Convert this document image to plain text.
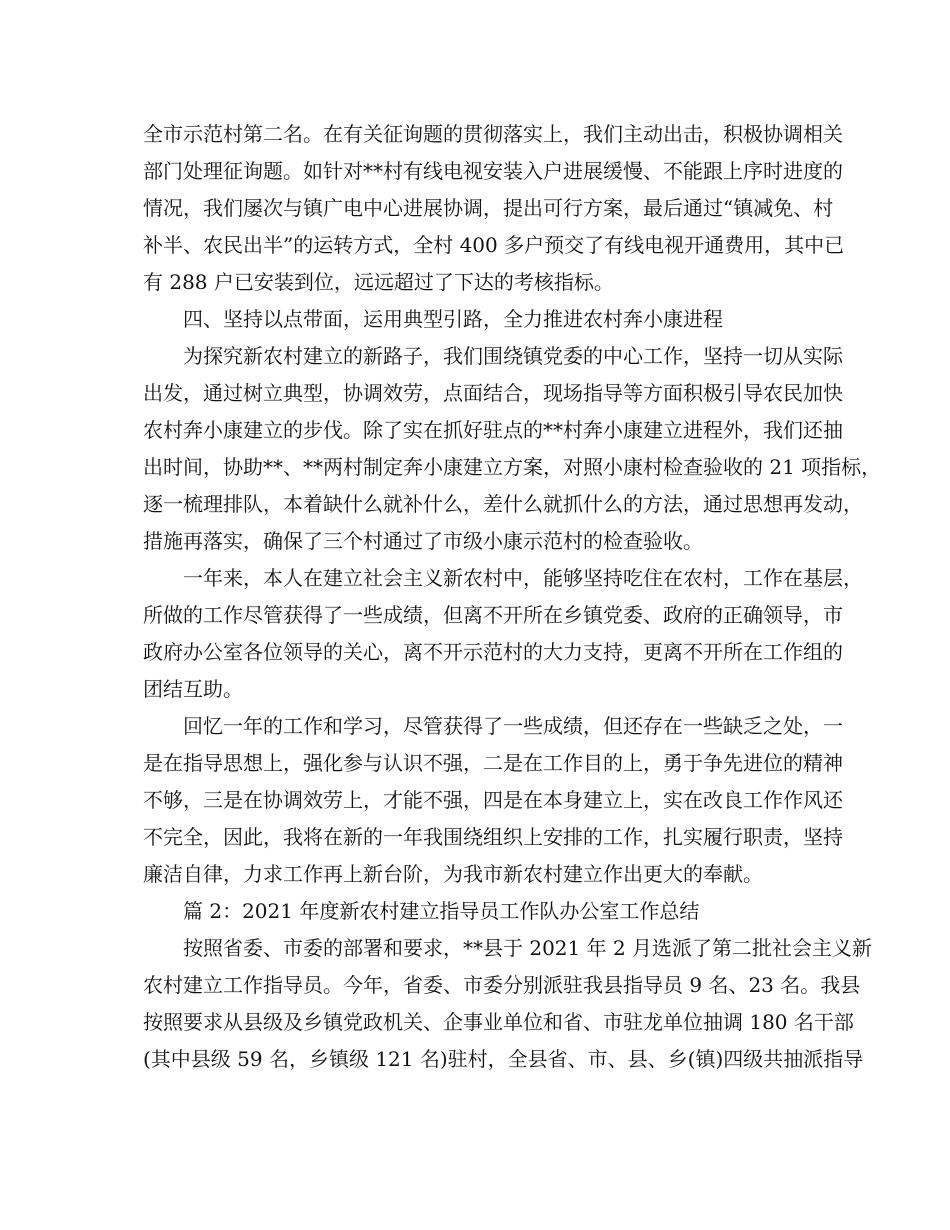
全市示范村第二名。在有关征询题的贯彻落实上，我们主动出击，积极协调相关
部门处理征询题。如针对**村有线电视安装入户进展缓慢、不能跟上序时进度的
情况，我们屡次与镇广电中心进展协调，提出可行方案，最后通过“镇减免、村
补半、农民出半”的运转方式，全村 400 多户预交了有线电视开通费用，其中已
有 288 户已安装到位，远远超过了下达的考核指标。
四、坚持以点带面，运用典型引路，全力推进农村奔小康进程
为探究新农村建立的新路子，我们围绕镇党委的中心工作，坚持一切从实际
出发，通过树立典型，协调效劳，点面结合，现场指导等方面积极引导农民加快
农村奔小康建立的步伐。除了实在抓好驻点的**村奔小康建立进程外，我们还抽
出时间，协助**、**两村制定奔小康建立方案，对照小康村检查验收的 21 项指标，
逐一梳理排队，本着缺什么就补什么，差什么就抓什么的方法，通过思想再发动，
措施再落实，确保了三个村通过了市级小康示范村的检查验收。
一年来，本人在建立社会主义新农村中，能够坚持吃住在农村，工作在基层，
所做的工作尽管获得了一些成绩，但离不开所在乡镇党委、政府的正确领导，市
政府办公室各位领导的关心，离不开示范村的大力支持，更离不开所在工作组的
团结互助。
回忆一年的工作和学习，尽管获得了一些成绩，但还存在一些缺乏之处，一
是在指导思想上，强化参与认识不强，二是在工作目的上，勇于争先进位的精神
不够，三是在协调效劳上，才能不强，四是在本身建立上，实在改良工作作风还
不完全，因此，我将在新的一年我围绕组织上安排的工作，扎实履行职责，坚持
廉洁自律，力求工作再上新台阶，为我市新农村建立作出更大的奉献。
篇 2：2021 年度新农村建立指导员工作队办公室工作总结
按照省委、市委的部署和要求，**县于 2021 年 2 月选派了第二批社会主义新
农村建立工作指导员。今年，省委、市委分别派驻我县指导员 9 名、23 名。我县
按照要求从县级及乡镇党政机关、企事业单位和省、市驻龙单位抽调 180 名干部
(其中县级 59 名，乡镇级 121 名)驻村，全县省、市、县、乡(镇)四级共抽派指导
